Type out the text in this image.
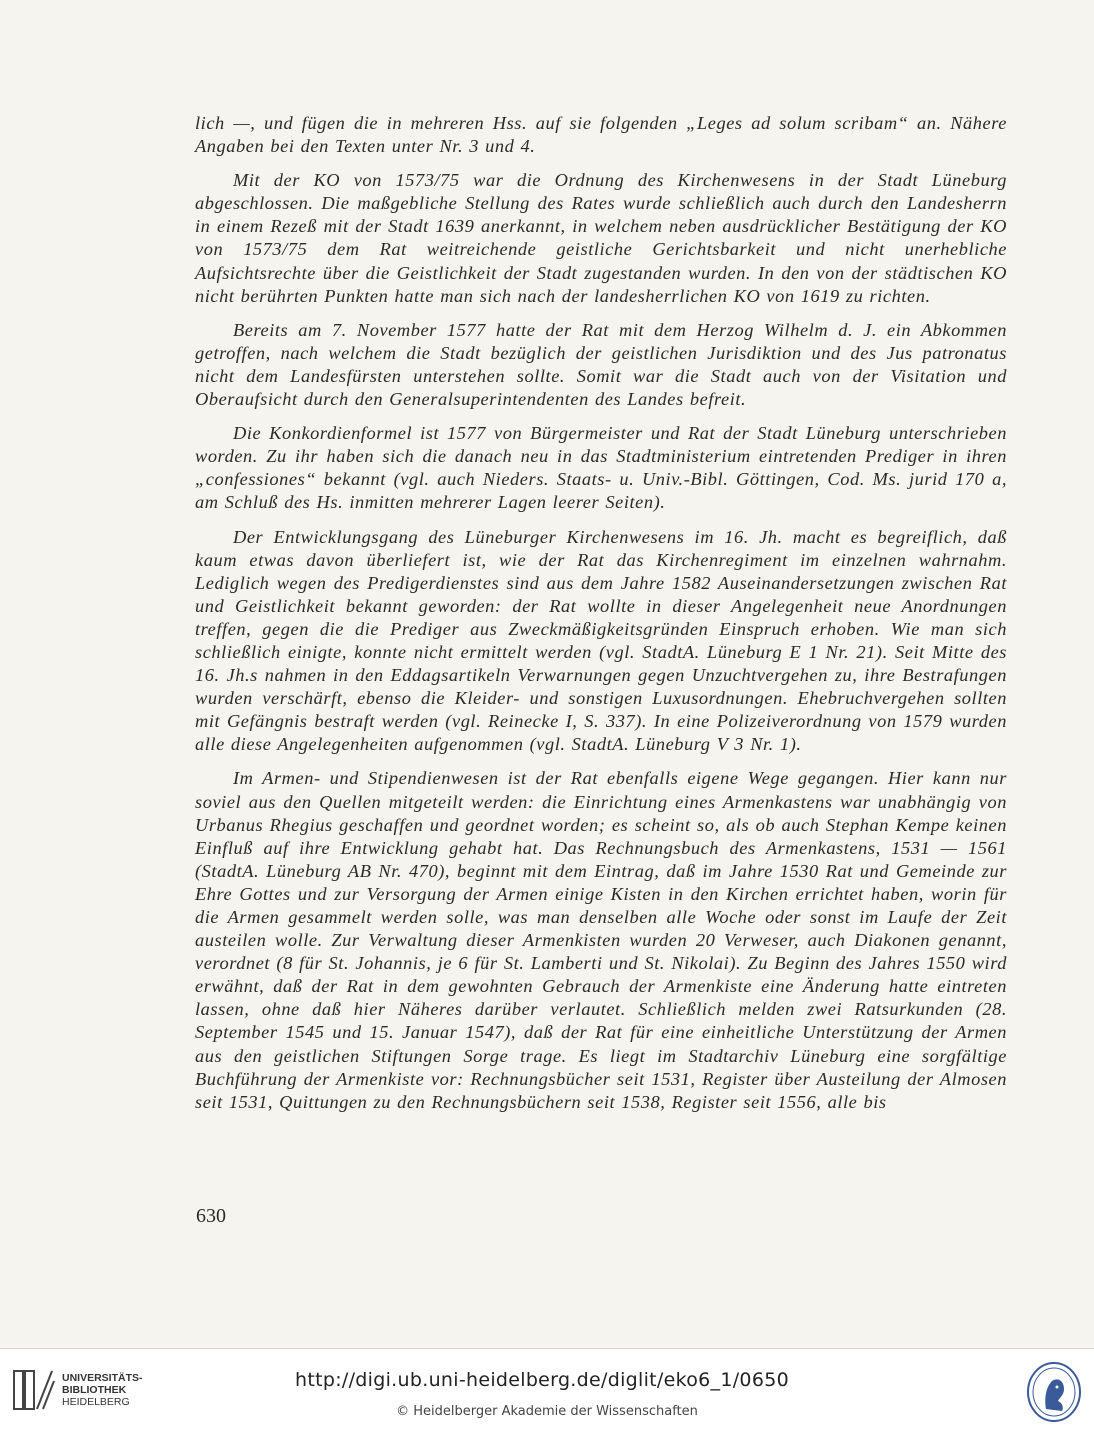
lich —, und fügen die in mehreren Hss. auf sie folgenden „Leges ad solum scribam“ an. Nähere Angaben bei den Texten unter Nr. 3 und 4.

Mit der KO von 1573/75 war die Ordnung des Kirchenwesens in der Stadt Lüneburg abgeschlossen. Die maßgebliche Stellung des Rates wurde schließlich auch durch den Landesherrn in einem Rezeß mit der Stadt 1639 anerkannt, in welchem neben ausdrücklicher Bestätigung der KO von 1573/75 dem Rat weitreichende geistliche Gerichtsbarkeit und nicht unerhebliche Aufsichtsrechte über die Geistlichkeit der Stadt zugestanden wurden. In den von der städtischen KO nicht berührten Punkten hatte man sich nach der landesherrlichen KO von 1619 zu richten.

Bereits am 7. November 1577 hatte der Rat mit dem Herzog Wilhelm d. J. ein Abkommen getroffen, nach welchem die Stadt bezüglich der geistlichen Jurisdiktion und des Jus patronatus nicht dem Landesfürsten unterstehen sollte. Somit war die Stadt auch von der Visitation und Oberaufsicht durch den Generalsuperintendenten des Landes befreit.

Die Konkordienformel ist 1577 von Bürgermeister und Rat der Stadt Lüneburg unterschrieben worden. Zu ihr haben sich die danach neu in das Stadtministerium eintretenden Prediger in ihren „confessiones“ bekannt (vgl. auch Nieders. Staats- u. Univ.-Bibl. Göttingen, Cod. Ms. jurid 170 a, am Schluß des Hs. inmitten mehrerer Lagen leerer Seiten).

Der Entwicklungsgang des Lüneburger Kirchenwesens im 16. Jh. macht es begreiflich, daß kaum etwas davon überliefert ist, wie der Rat das Kirchenregiment im einzelnen wahrnahm. Lediglich wegen des Predigerdienstes sind aus dem Jahre 1582 Auseinandersetzungen zwischen Rat und Geistlichkeit bekannt geworden: der Rat wollte in dieser Angelegenheit neue Anordnungen treffen, gegen die die Prediger aus Zweckmäßigkeitsgründen Einspruch erhoben. Wie man sich schließlich einigte, konnte nicht ermittelt werden (vgl. StadtA. Lüneburg E 1 Nr. 21). Seit Mitte des 16. Jh.s nahmen in den Eddagsartikeln Verwarnungen gegen Unzuchtvergehen zu, ihre Bestrafungen wurden verschärft, ebenso die Kleider- und sonstigen Luxusordnungen. Ehebruchvergehen sollten mit Gefängnis bestraft werden (vgl. Reinecke I, S. 337). In eine Polizeiverordnung von 1579 wurden alle diese Angelegenheiten aufgenommen (vgl. StadtA. Lüneburg V 3 Nr. 1).

Im Armen- und Stipendienwesen ist der Rat ebenfalls eigene Wege gegangen. Hier kann nur soviel aus den Quellen mitgeteilt werden: die Einrichtung eines Armenkastens war unabhängig von Urbanus Rhegius geschaffen und geordnet worden; es scheint so, als ob auch Stephan Kempe keinen Einfluß auf ihre Entwicklung gehabt hat. Das Rechnungsbuch des Armenkastens, 1531 — 1561 (StadtA. Lüneburg AB Nr. 470), beginnt mit dem Eintrag, daß im Jahre 1530 Rat und Gemeinde zur Ehre Gottes und zur Versorgung der Armen einige Kisten in den Kirchen errichtet haben, worin für die Armen gesammelt werden solle, was man denselben alle Woche oder sonst im Laufe der Zeit austeilen wolle. Zur Verwaltung dieser Armenkisten wurden 20 Verweser, auch Diakonen genannt, verordnet (8 für St. Johannis, je 6 für St. Lamberti und St. Nikolai). Zu Beginn des Jahres 1550 wird erwähnt, daß der Rat in dem gewohnten Gebrauch der Armenkiste eine Änderung hatte eintreten lassen, ohne daß hier Näheres darüber verlautet. Schließlich melden zwei Ratsurkunden (28. September 1545 und 15. Januar 1547), daß der Rat für eine einheitliche Unterstützung der Armen aus den geistlichen Stiftungen Sorge trage. Es liegt im Stadtarchiv Lüneburg eine sorgfältige Buchführung der Armenkiste vor: Rechnungsbücher seit 1531, Register über Austeilung der Almosen seit 1531, Quittungen zu den Rechnungsbüchern seit 1538, Register seit 1556, alle bis

630
UNIVERSITÄTS-
BIBLIOTHEK
HEIDELBERG
http://digi.ub.uni-heidelberg.de/diglit/eko6_1/0650
© Heidelberger Akademie der Wissenschaften
